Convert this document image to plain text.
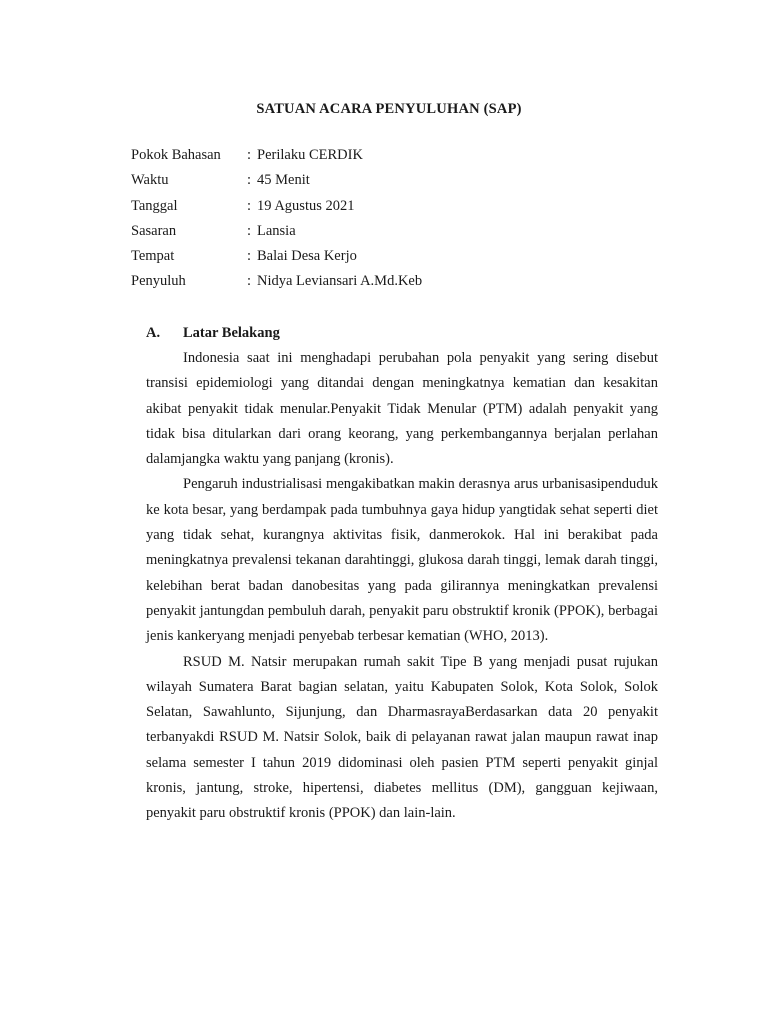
SATUAN ACARA PENYULUHAN (SAP)
Pokok Bahasan : Perilaku CERDIK
Waktu	: 45 Menit
Tanggal	: 19 Agustus 2021
Sasaran	: Lansia
Tempat	: Balai Desa Kerjo
Penyuluh	: Nidya Leviansari A.Md.Keb
A. Latar Belakang

Indonesia saat ini menghadapi perubahan pola penyakit yang sering disebut transisi epidemiologi yang ditandai dengan meningkatnya kematian dan kesakitan akibat penyakit tidak menular.Penyakit Tidak Menular (PTM) adalah penyakit yang tidak bisa ditularkan dari orang keorang, yang perkembangannya berjalan perlahan dalamjangka waktu yang panjang (kronis).

Pengaruh industrialisasi mengakibatkan makin derasnya arus urbanisasipenduduk ke kota besar, yang berdampak pada tumbuhnya gaya hidup yangtidak sehat seperti diet yang tidak sehat, kurangnya aktivitas fisik, danmerokok. Hal ini berakibat pada meningkatnya prevalensi tekanan darahtinggi, glukosa darah tinggi, lemak darah tinggi, kelebihan berat badan danobesitas yang pada gilirannya meningkatkan prevalensi penyakit jantungdan pembuluh darah, penyakit paru obstruktif kronik (PPOK), berbagai jenis kankeryang menjadi penyebab terbesar kematian (WHO, 2013).

RSUD M. Natsir merupakan rumah sakit Tipe B yang menjadi pusat rujukan wilayah Sumatera Barat bagian selatan, yaitu Kabupaten Solok, Kota Solok, Solok Selatan, Sawahlunto, Sijunjung, dan DharmasrayaBerdasarkan data 20 penyakit terbanyakdi RSUD M. Natsir Solok, baik di pelayanan rawat jalan maupun rawat inap selama semester I tahun 2019 didominasi oleh pasien PTM seperti penyakit ginjal kronis, jantung, stroke, hipertensi, diabetes mellitus (DM), gangguan kejiwaan, penyakit paru obstruktif kronis (PPOK) dan lain-lain.
